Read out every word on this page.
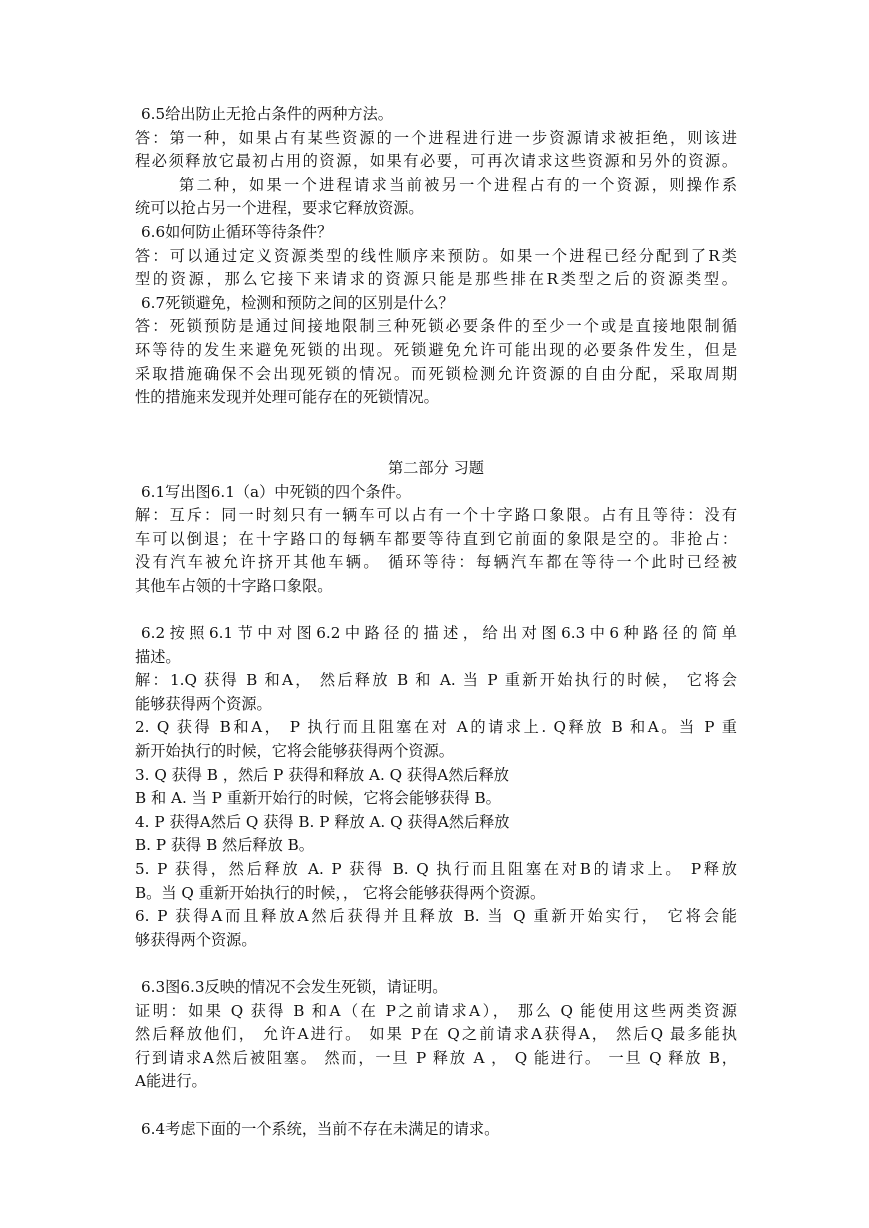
6.5给出防止无抢占条件的两种方法。
答：第一种，如果占有某些资源的一个进程进行进一步资源请求被拒绝，则该进
程必须释放它最初占用的资源，如果有必要，可再次请求这些资源和另外的资源。
第二种，如果一个进程请求当前被另一个进程占有的一个资源，则操作系
统可以抢占另一个进程，要求它释放资源。
6.6如何防止循环等待条件？
答：可以通过定义资源类型的线性顺序来预防。如果一个进程已经分配到了R类
型的资源，那么它接下来请求的资源只能是那些排在R类型之后的资源类型。
6.7死锁避免，检测和预防之间的区别是什么？
答：死锁预防是通过间接地限制三种死锁必要条件的至少一个或是直接地限制循
环等待的发生来避免死锁的出现。死锁避免允许可能出现的必要条件发生，但是
采取措施确保不会出现死锁的情况。而死锁检测允许资源的自由分配，采取周期
性的措施来发现并处理可能存在的死锁情况。
第二部分 习题
6.1写出图6.1（a）中死锁的四个条件。
解：互斥：同一时刻只有一辆车可以占有一个十字路口象限。占有且等待：没有
车可以倒退；在十字路口的每辆车都要等待直到它前面的象限是空的。非抢占：
没有汽车被允许挤开其他车辆。 循环等待：每辆汽车都在等待一个此时已经被
其他车占领的十字路口象限。
6.2按照6.1节中对图6.2中路径的描述，给出对图6.3中6种路径的简单
描述。
解：1.Q 获得 B 和A， 然后释放 B 和 A. 当 P 重新开始执行的时候， 它将会
能够获得两个资源。
2. Q 获得 B和A， P 执行而且阻塞在对 A的请求上. Q释放 B 和A。当 P 重
新开始执行的时候，它将会能够获得两个资源。
3. Q 获得 B ，然后 P 获得和释放 A. Q 获得A然后释放
B 和 A. 当 P 重新开始行的时候，它将会能够获得 B。
4. P 获得A然后 Q 获得 B. P 释放 A. Q 获得A然后释放
B. P 获得 B 然后释放 B。
5. P 获得，然后释放 A. P 获得 B. Q 执行而且阻塞在对B的请求上。 P释放
B。当 Q 重新开始执行的时候，， 它将会能够获得两个资源。
6. P 获得A而且释放A然后获得并且释放 B. 当 Q 重新开始实行， 它将会能
够获得两个资源。
6.3图6.3反映的情况不会发生死锁，请证明。
证明：如果 Q 获得 B 和A（在 P之前请求A）， 那么 Q 能使用这些两类资源
然后释放他们， 允许A进行。 如果 P在 Q之前请求A获得A， 然后Q 最多能执
行到请求A然后被阻塞。 然而，一旦 P 释放 A ， Q 能进行。 一旦 Q 释放 B，
A能进行。
6.4考虑下面的一个系统，当前不存在未满足的请求。
